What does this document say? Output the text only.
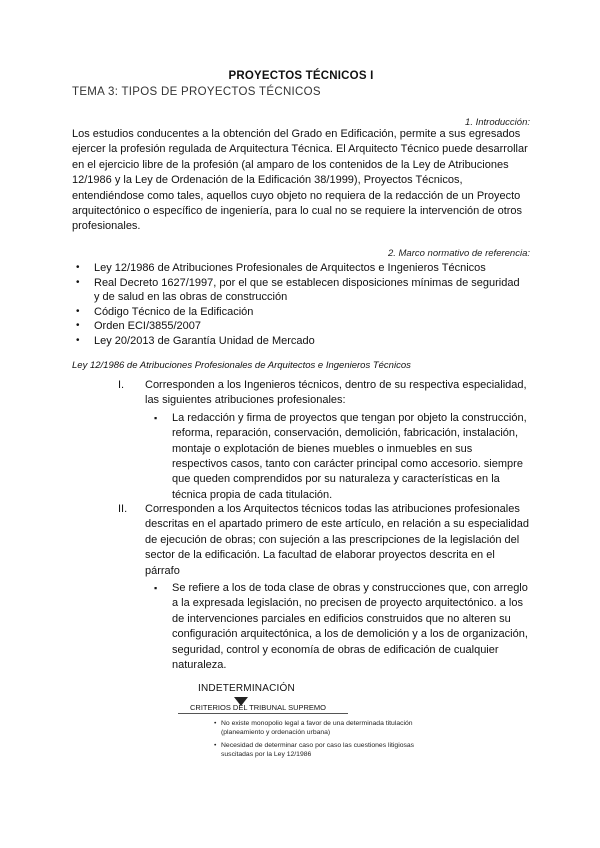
PROYECTOS TÉCNICOS I
TEMA 3: TIPOS DE PROYECTOS TÉCNICOS
1. Introducción:
Los estudios conducentes a la obtención del Grado en Edificación, permite a sus egresados ejercer la profesión regulada de Arquitectura Técnica. El Arquitecto Técnico puede desarrollar en el ejercicio libre de la profesión (al amparo de los contenidos de la Ley de Atribuciones 12/1986 y la Ley de Ordenación de la Edificación 38/1999), Proyectos Técnicos, entendiéndose como tales, aquellos cuyo objeto no requiera de la redacción de un Proyecto arquitectónico o específico de ingeniería, para lo cual no se requiere la intervención de otros profesionales.
2. Marco normativo de referencia:
• Ley 12/1986 de Atribuciones Profesionales de Arquitectos e Ingenieros Técnicos
• Real Decreto 1627/1997, por el que se establecen disposiciones mínimas de seguridad y de salud en las obras de construcción
• Código Técnico de la Edificación
• Orden ECI/3855/2007
• Ley 20/2013 de Garantía Unidad de Mercado
Ley 12/1986 de Atribuciones Profesionales de Arquitectos e Ingenieros Técnicos
I. Corresponden a los Ingenieros técnicos, dentro de su respectiva especialidad, las siguientes atribuciones profesionales:
▪ La redacción y firma de proyectos que tengan por objeto la construcción, reforma, reparación, conservación, demolición, fabricación, instalación, montaje o explotación de bienes muebles o inmuebles en sus respectivos casos, tanto con carácter principal como accesorio. siempre que queden comprendidos por su naturaleza y características en la técnica propia de cada titulación.
II. Corresponden a los Arquitectos técnicos todas las atribuciones profesionales descritas en el apartado primero de este artículo, en relación a su especialidad de ejecución de obras; con sujeción a las prescripciones de la legislación del sector de la edificación. La facultad de elaborar proyectos descrita en el párrafo
▪ Se refiere a los de toda clase de obras y construcciones que, con arreglo a la expresada legislación, no precisen de proyecto arquitectónico. a los de intervenciones parciales en edificios construidos que no alteren su configuración arquitectónica, a los de demolición y a los de organización, seguridad, control y economía de obras de edificación de cualquier naturaleza.
INDETERMINACIÓN
CRITERIOS DEL TRIBUNAL SUPREMO
• No existe monopolio legal a favor de una determinada titulación (planeamiento y ordenación urbana)
• Necesidad de determinar caso por caso las cuestiones litigiosas suscitadas por la Ley 12/1986
